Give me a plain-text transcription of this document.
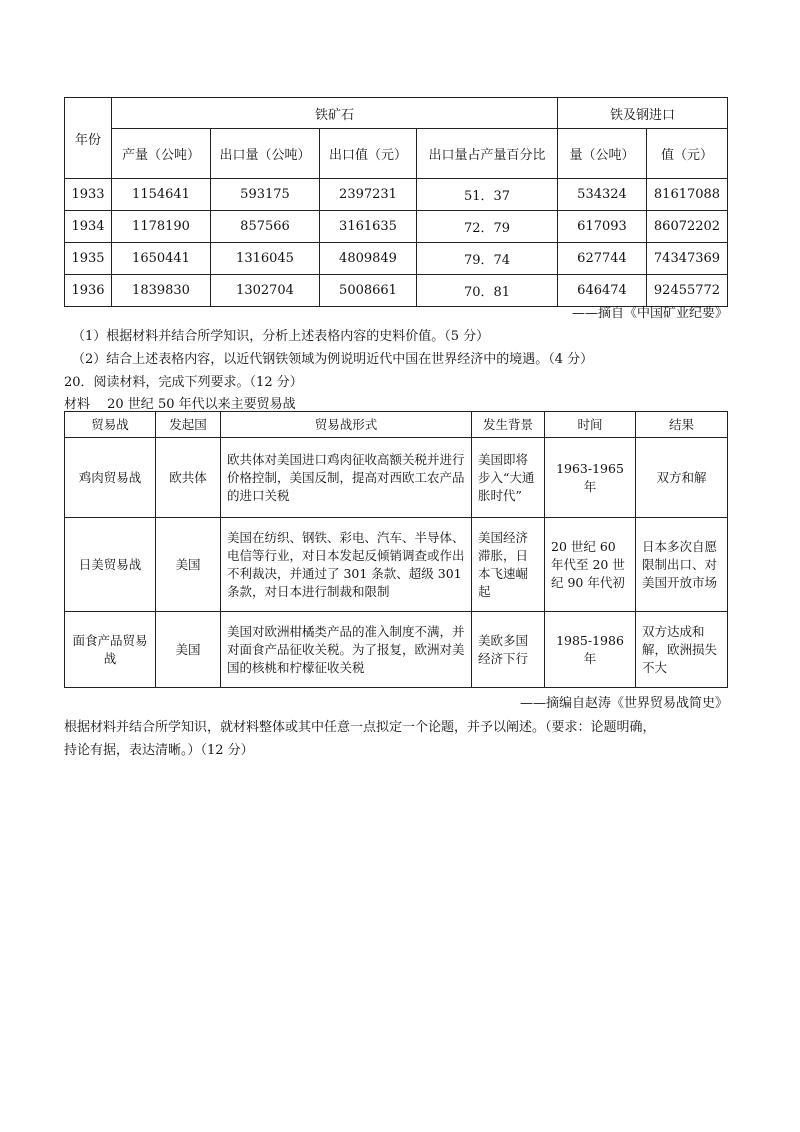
年份	铁矿石				铁及钢进口	
	产量（公吨）	出口量（公吨）	出口值（元）	出口量占产量百分比	量（公吨）	值（元）
1933	1154641	593175	2397231	51．37	534324	81617088
1934	1178190	857566	3161635	72．79	617093	86072202
1935	1650441	1316045	4809849	79．74	627744	74347369
1936	1839830	1302704	5008661	70．81	646474	92455772
——摘自《中国矿业纪要》
（1）根据材料并结合所学知识，分析上述表格内容的史料价值。（5 分）
（2）结合上述表格内容，以近代钢铁领域为例说明近代中国在世界经济中的境遇。（4 分）
20．阅读材料，完成下列要求。（12 分）
材料　 20 世纪 50 年代以来主要贸易战
贸易战	发起国	贸易战形式	发生背景	时间	结果
鸡肉贸易战	欧共体	欧共体对美国进口鸡肉征收高额关税并进行价格控制，美国反制，提高对西欧工农产品的进口关税	美国即将步入“大通胀时代”	1963-1965 年	双方和解
日美贸易战	美国	美国在纺织、钢铁、彩电、汽车、半导体、电信等行业，对日本发起反倾销调查或作出不利裁决，并通过了 301 条款、超级 301 条款，对日本进行制裁和限制	美国经济滞胀，日本飞速崛起	20 世纪 60 年代至 20 世纪 90 年代初	日本多次自愿限制出口、对美国开放市场
面食产品贸易战	美国	美国对欧洲柑橘类产品的准入制度不满，并对面食产品征收关税。为了报复，欧洲对美国的核桃和柠檬征收关税	美欧多国经济下行	1985-1986 年	双方达成和解，欧洲损失不大
——摘编自赵涛《世界贸易战简史》
根据材料并结合所学知识，就材料整体或其中任意一点拟定一个论题，并予以阐述。（要求：论题明确，
持论有据，表达清晰。）（12 分）
